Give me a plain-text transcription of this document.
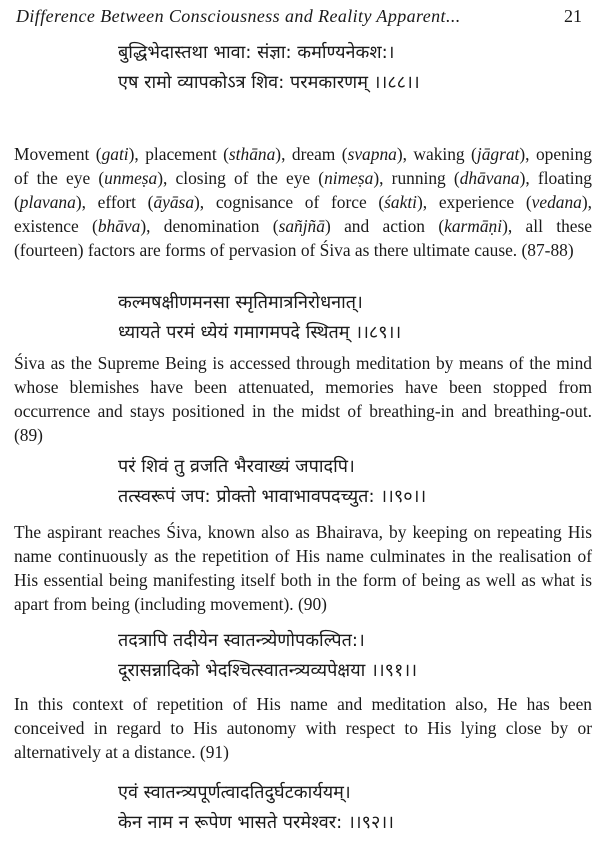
Difference Between Consciousness and Reality Apparent...	21
बुद्धिभेदास्तथा भावा: संज्ञा: कर्माण्यनेकश:।
एष रामो व्यापकोऽत्र शिव: परमकारणम् ।।८८।।
Movement (gati), placement (sthāna), dream (svapna), waking (jāgrat), opening of the eye (unmeṣa), closing of the eye (nimeṣa), running (dhāvana), floating (plavana), effort (āyāsa), cognisance of force (śakti), experience (vedana), existence (bhāva), denomination (sañjñā) and action (karmāṇi), all these (fourteen) factors are forms of pervasion of Śiva as there ultimate cause. (87-88)
कल्मषक्षीणमनसा स्मृतिमात्रनिरोधनात्।
ध्यायते परमं ध्येयं गमागमपदे स्थितम् ।।८९।।
Śiva as the Supreme Being is accessed through meditation by means of the mind whose blemishes have been attenuated, memories have been stopped from occurrence and stays positioned in the midst of breathing-in and breathing-out. (89)
परं शिवं तु व्रजति भैरवाख्यं जपादपि।
तत्स्वरूपं जप: प्रोक्तो भावाभावपदच्युत: ।।९०।।
The aspirant reaches Śiva, known also as Bhairava, by keeping on repeating His name continuously as the repetition of His name culminates in the realisation of His essential being manifesting itself both in the form of being as well as what is apart from being (including movement). (90)
तदत्रापि तदीयेन स्वातन्त्र्येणोपकल्पित:।
दूरासन्नादिको भेदश्चित्स्वातन्त्र्यव्यपेक्षया ।।९१।।
In this context of repetition of His name and meditation also, He has been conceived in regard to His autonomy with respect to His lying close by or alternatively at a distance. (91)
एवं स्वातन्त्र्यपूर्णत्वादतिदुर्घटकार्ययम्।
केन नाम न रूपेण भासते परमेश्वर: ।।९२।।
